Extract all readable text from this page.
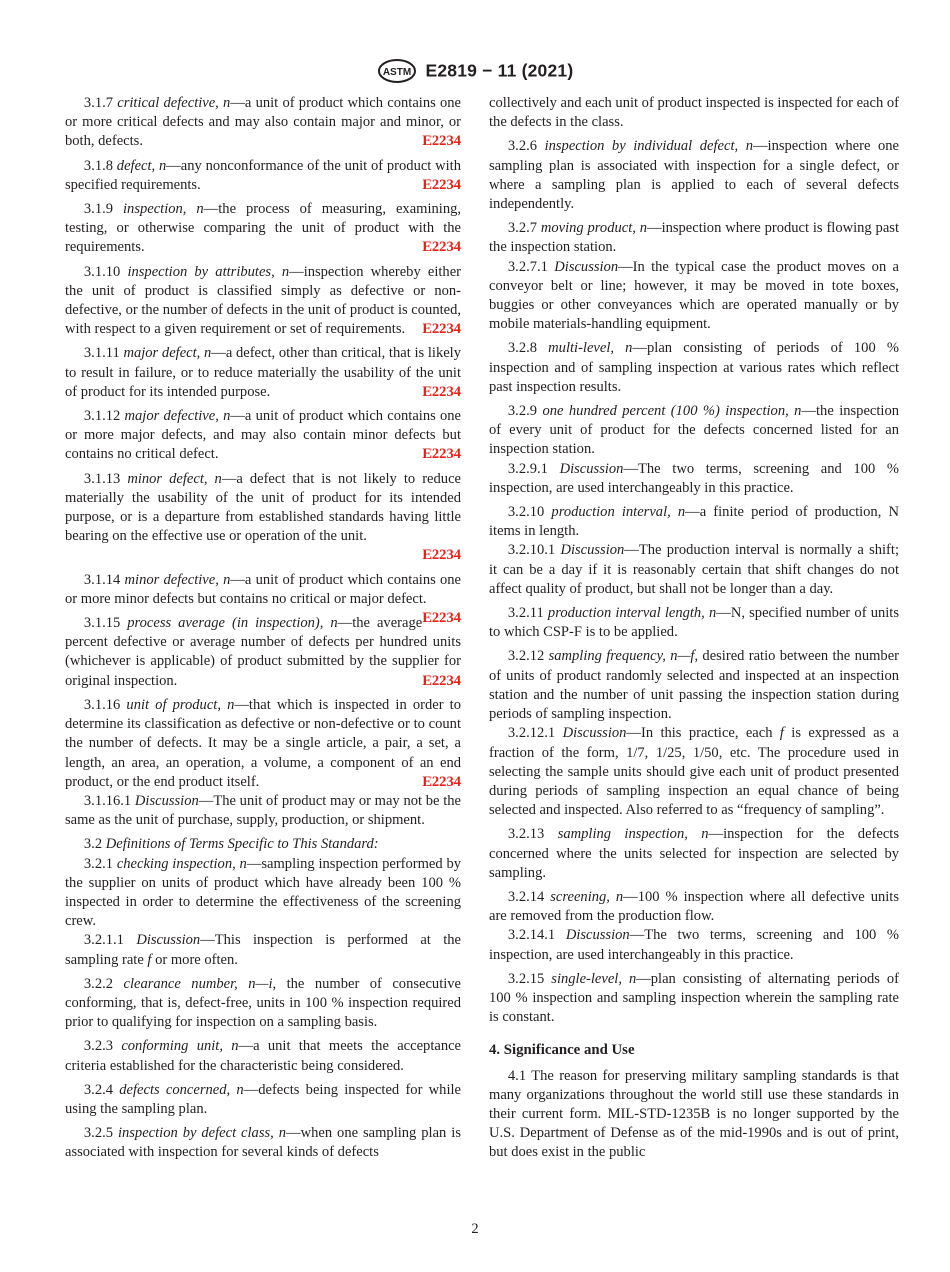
ASTM E2819 − 11 (2021)

3.1.7 critical defective, n—a unit of product which contains one or more critical defects and may also contain major and minor, or both, defects.	E2234

3.1.8 defect, n—any nonconformance of the unit of product with specified requirements.	E2234

3.1.9 inspection, n—the process of measuring, examining, testing, or otherwise comparing the unit of product with the requirements.	E2234

3.1.10 inspection by attributes, n—inspection whereby either the unit of product is classified simply as defective or non-defective, or the number of defects in the unit of product is counted, with respect to a given requirement or set of requirements. E2234

3.1.11 major defect, n—a defect, other than critical, that is likely to result in failure, or to reduce materially the usability of the unit of product for its intended purpose.	E2234

3.1.12 major defective, n—a unit of product which contains one or more major defects, and may also contain minor defects but contains no critical defect.	E2234

3.1.13 minor defect, n—a defect that is not likely to reduce materially the usability of the unit of product for its intended purpose, or is a departure from established standards having little bearing on the effective use or operation of the unit.

E2234

3.1.14 minor defective, n—a unit of product which contains one or more minor defects but contains no critical or major defect.
E2234

3.1.15 process average (in inspection), n—the average percent defective or average number of defects per hundred units (whichever is applicable) of product submitted by the supplier for original inspection.	E2234

3.1.16 unit of product, n—that which is inspected in order to determine its classification as defective or non-defective or to count the number of defects. It may be a single article, a pair, a set, a length, an area, an operation, a volume, a component of an end product, or the end product itself.	E2234

3.1.16.1 Discussion—The unit of product may or may not be the same as the unit of purchase, supply, production, or shipment.

3.2 Definitions of Terms Specific to This Standard:

3.2.1 checking inspection, n—sampling inspection performed by the supplier on units of product which have already been 100 % inspected in order to determine the effectiveness of the screening crew.

3.2.1.1 Discussion—This inspection is performed at the sampling rate f or more often.

3.2.2 clearance number, n—i, the number of consecutive conforming, that is, defect-free, units in 100 % inspection required prior to qualifying for inspection on a sampling basis.

3.2.3 conforming unit, n—a unit that meets the acceptance criteria established for the characteristic being considered.

3.2.4 defects concerned, n—defects being inspected for while using the sampling plan.

3.2.5 inspection by defect class, n—when one sampling plan is associated with inspection for several kinds of defects

collectively and each unit of product inspected is inspected for each of the defects in the class.

3.2.6 inspection by individual defect, n—inspection where one sampling plan is associated with inspection for a single defect, or where a sampling plan is applied to each of several defects independently.

3.2.7 moving product, n—inspection where product is flowing past the inspection station.

3.2.7.1 Discussion—In the typical case the product moves on a conveyor belt or line; however, it may be moved in tote boxes, buggies or other conveyances which are operated manually or by mobile materials-handling equipment.

3.2.8 multi-level, n—plan consisting of periods of 100 % inspection and of sampling inspection at various rates which reflect past inspection results.

3.2.9 one hundred percent (100 %) inspection, n—the inspection of every unit of product for the defects concerned listed for an inspection station.

3.2.9.1 Discussion—The two terms, screening and 100 % inspection, are used interchangeably in this practice.

3.2.10 production interval, n—a finite period of production, N items in length.

3.2.10.1 Discussion—The production interval is normally a shift; it can be a day if it is reasonably certain that shift changes do not affect quality of product, but shall not be longer than a day.

3.2.11 production interval length, n—N, specified number of units to which CSP-F is to be applied.

3.2.12 sampling frequency, n—f, desired ratio between the number of units of product randomly selected and inspected at an inspection station and the number of unit passing the inspection station during periods of sampling inspection.

3.2.12.1 Discussion—In this practice, each f is expressed as a fraction of the form, 1/7, 1/25, 1/50, etc. The procedure used in selecting the sample units should give each unit of product presented during periods of sampling inspection an equal chance of being selected and inspected. Also referred to as “frequency of sampling”.

3.2.13 sampling inspection, n—inspection for the defects concerned where the units selected for inspection are selected by sampling.

3.2.14 screening, n—100 % inspection where all defective units are removed from the production flow.

3.2.14.1 Discussion—The two terms, screening and 100 % inspection, are used interchangeably in this practice.

3.2.15 single-level, n—plan consisting of alternating periods of 100 % inspection and sampling inspection wherein the sampling rate is constant.

4. Significance and Use

4.1 The reason for preserving military sampling standards is that many organizations throughout the world still use these standards in their current form. MIL-STD-1235B is no longer supported by the U.S. Department of Defense as of the mid-1990s and is out of print, but does exist in the public

2
